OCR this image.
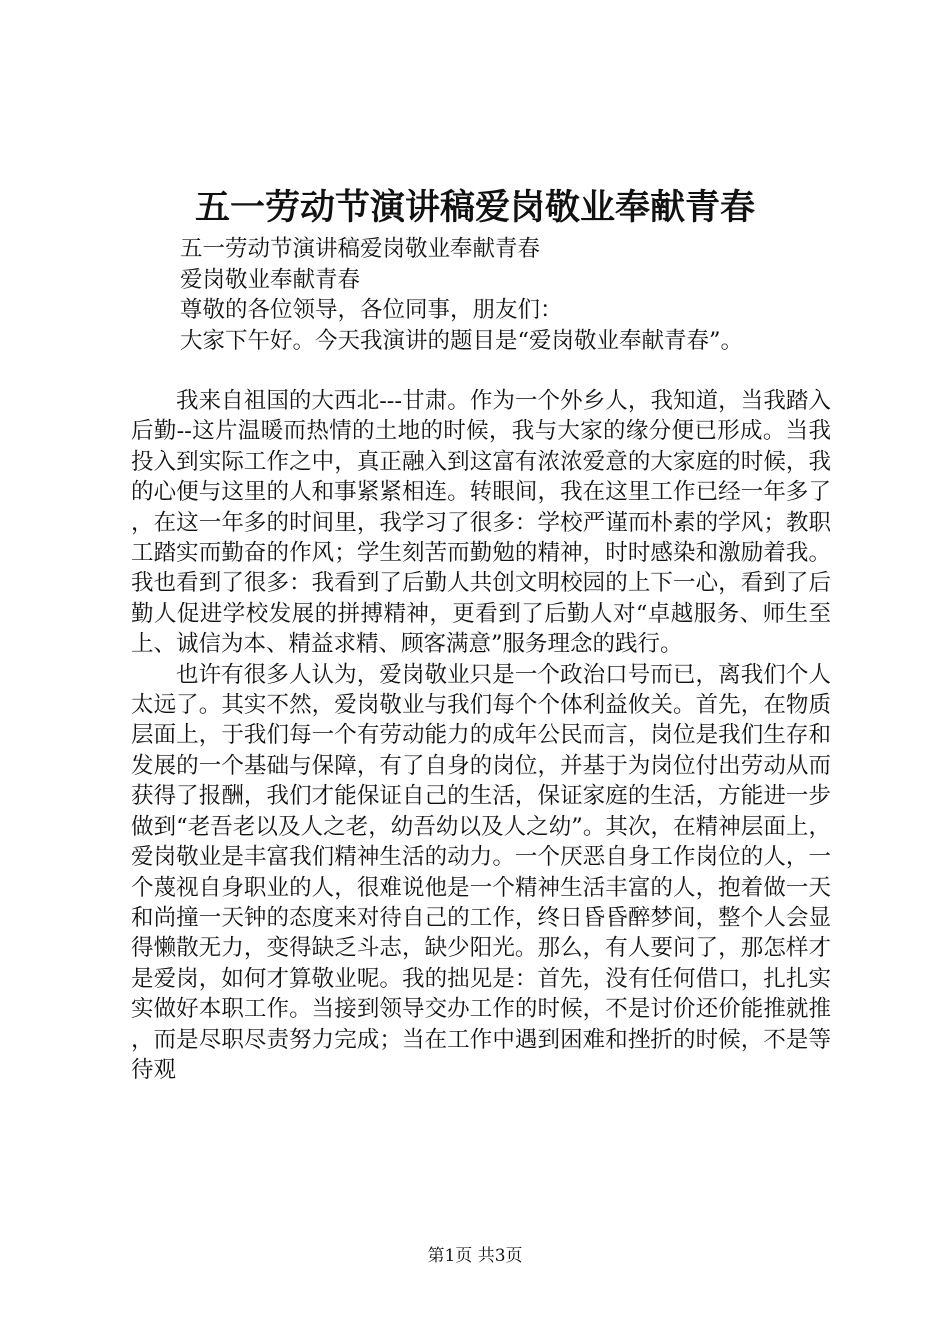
五一劳动节演讲稿爱岗敬业奉献青春
五一劳动节演讲稿爱岗敬业奉献青春
爱岗敬业奉献青春
尊敬的各位领导，各位同事，朋友们：
大家下午好。今天我演讲的题目是“爱岗敬业奉献青春”。

我来自祖国的大西北---甘肃。作为一个外乡人，我知道，当我踏入后勤--这片温暖而热情的土地的时候，我与大家的缘分便已形成。当我投入到实际工作之中，真正融入到这富有浓浓爱意的大家庭的时候，我的心便与这里的人和事紧紧相连。转眼间，我在这里工作已经一年多了，在这一年多的时间里，我学习了很多：学校严谨而朴素的学风；教职工踏实而勤奋的作风；学生刻苦而勤勉的精神，时时感染和激励着我。我也看到了很多：我看到了后勤人共创文明校园的上下一心，看到了后勤人促进学校发展的拼搏精神，更看到了后勤人对“卓越服务、师生至上、诚信为本、精益求精、顾客满意”服务理念的践行。

也许有很多人认为，爱岗敬业只是一个政治口号而已，离我们个人太远了。其实不然，爱岗敬业与我们每个个体利益攸关。首先，在物质层面上，于我们每一个有劳动能力的成年公民而言，岗位是我们生存和发展的一个基础与保障，有了自身的岗位，并基于为岗位付出劳动从而获得了报酬，我们才能保证自己的生活，保证家庭的生活，方能进一步做到“老吾老以及人之老，幼吾幼以及人之幼”。其次，在精神层面上，爱岗敬业是丰富我们精神生活的动力。一个厌恶自身工作岗位的人，一个蔑视自身职业的人，很难说他是一个精神生活丰富的人，抱着做一天和尚撞一天钟的态度来对待自己的工作，终日昏昏醉梦间，整个人会显得懒散无力，变得缺乏斗志，缺少阳光。那么，有人要问了，那怎样才是爱岗，如何才算敬业呢。我的拙见是：首先，没有任何借口，扎扎实实做好本职工作。当接到领导交办工作的时候，不是讨价还价能推就推，而是尽职尽责努力完成；当在工作中遇到困难和挫折的时候，不是等待观

第1页 共3页
